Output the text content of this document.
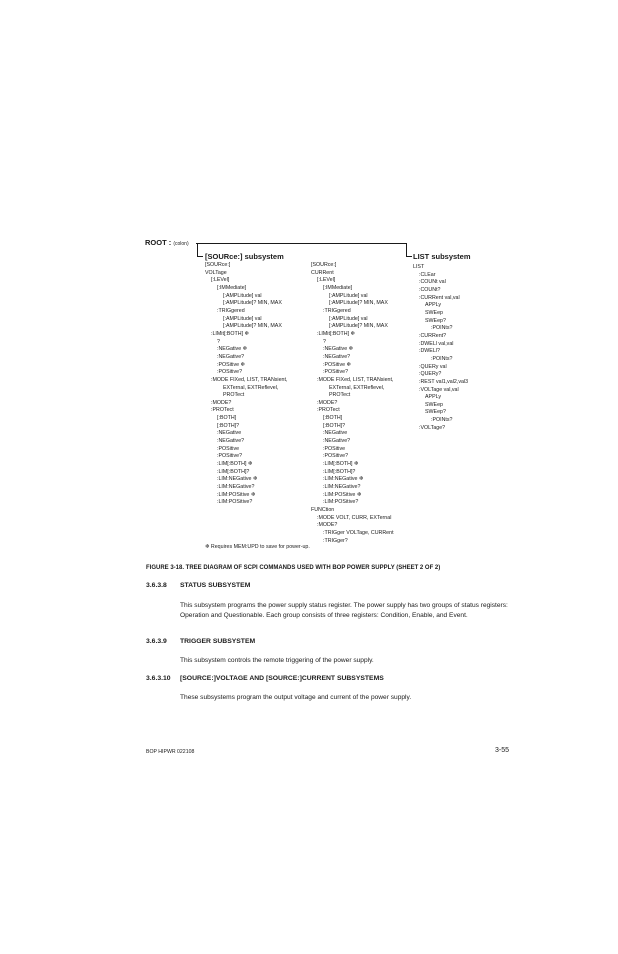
ROOT : (colon)
[SOURce:] subsystem	LIST subsystem
[SOURce:]
VOLTage
[:LEVel]
[:IMMediate]
[:AMPLitude] val
[:AMPLitude]? MIN, MAX
:TRIGgered
[:AMPLitude] val
[:AMPLitude]? MIN, MAX
:LIMit[:BOTH] ❄
?
:NEGative ❄
:NEGative?
:POSitive ❄
:POSitive?
:MODE FIXed, LIST, TRANsient,
EXTernal, EXTReflevel,
PROTect
:MODE?
:PROTect
[:BOTH]
[:BOTH]?
:NEGative
:NEGative?
:POSitive
:POSitive?
:LIM[:BOTH] ❄
:LIM[:BOTH]?
:LIM:NEGative ❄
:LIM:NEGative?
:LIM:POSitive ❄
:LIM:POSitive?
[SOURce:]
CURRent
[:LEVel]
[:IMMediate]
[:AMPLitude] val
[:AMPLitude]? MIN, MAX
:TRIGgered
[:AMPLitude] val
[:AMPLitude]? MIN, MAX
:LIMit[:BOTH] ❄
?
:NEGative ❄
:NEGative?
:POSitive ❄
:POSitive?
:MODE FIXed, LIST, TRANsient,
EXTernal, EXTReflevel,
PROTect
:MODE?
:PROTect
[:BOTH]
[:BOTH]?
:NEGative
:NEGative?
:POSitive
:POSitive?
:LIM[:BOTH] ❄
:LIM[:BOTH]?
:LIM:NEGative ❄
:LIM:NEGative?
:LIM:POSitive ❄
:LIM:POSitive?
FUNCtion
:MODE VOLT, CURR, EXTernal
:MODE?
:TRIGger VOLTage, CURRent
:TRIGger?
LIST
:CLEar
:COUNt val
:COUNt?
:CURRent val,val
APPLy
SWEep
SWEep?
:POINts?
:CURRent?
:DWELl val,val
:DWELl?
:POINts?
:QUERy val
:QUERy?
:REST val1,val2,val3
:VOLTage val,val
APPLy
SWEep
SWEep?
:POINts?
:VOLTage?
❄ Requires MEM:UPD to save for power-up.
FIGURE 3-18. TREE DIAGRAM OF SCPI COMMANDS USED WITH BOP POWER SUPPLY (SHEET 2 OF 2)
3.6.3.8 STATUS SUBSYSTEM
This subsystem programs the power supply status register. The power supply has two groups of status registers: Operation and Questionable. Each group consists of three registers: Condition, Enable, and Event.
3.6.3.9 TRIGGER SUBSYSTEM
This subsystem controls the remote triggering of the power supply.
3.6.3.10 [SOURCE:]VOLTAGE AND [SOURCE:]CURRENT SUBSYSTEMS
These subsystems program the output voltage and current of the power supply.
BOP HIPWR 022108	3-55
